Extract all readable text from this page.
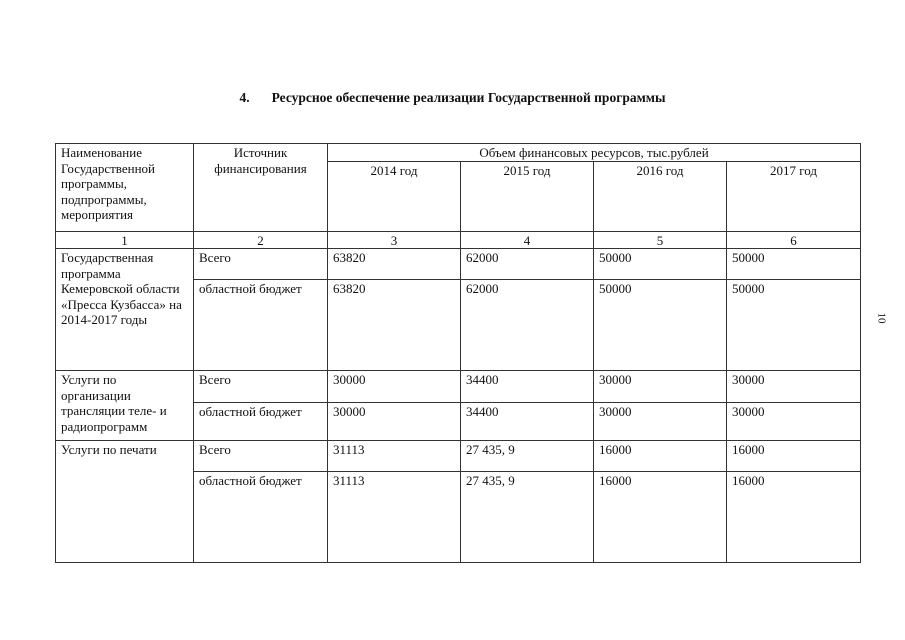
4. Ресурсное обеспечение реализации Государственной программы
10
Наименование Государственной программы, подпрограммы, мероприятия	Источник финансирования	Объем финансовых ресурсов, тыс.рублей			
		2014 год	2015 год	2016 год	2017 год
1	2	3	4	5	6
Государственная программа Кемеровской области «Пресса Кузбасса» на 2014-2017 годы	Всего	63820	62000	50000	50000
	областной бюджет	63820	62000	50000	50000
Услуги по организации трансляции теле- и радиопрограмм	Всего	30000	34400	30000	30000
	областной бюджет	30000	34400	30000	30000
Услуги по печати	Всего	31113	27 435, 9	16000	16000
	областной бюджет	31113	27 435, 9	16000	16000
